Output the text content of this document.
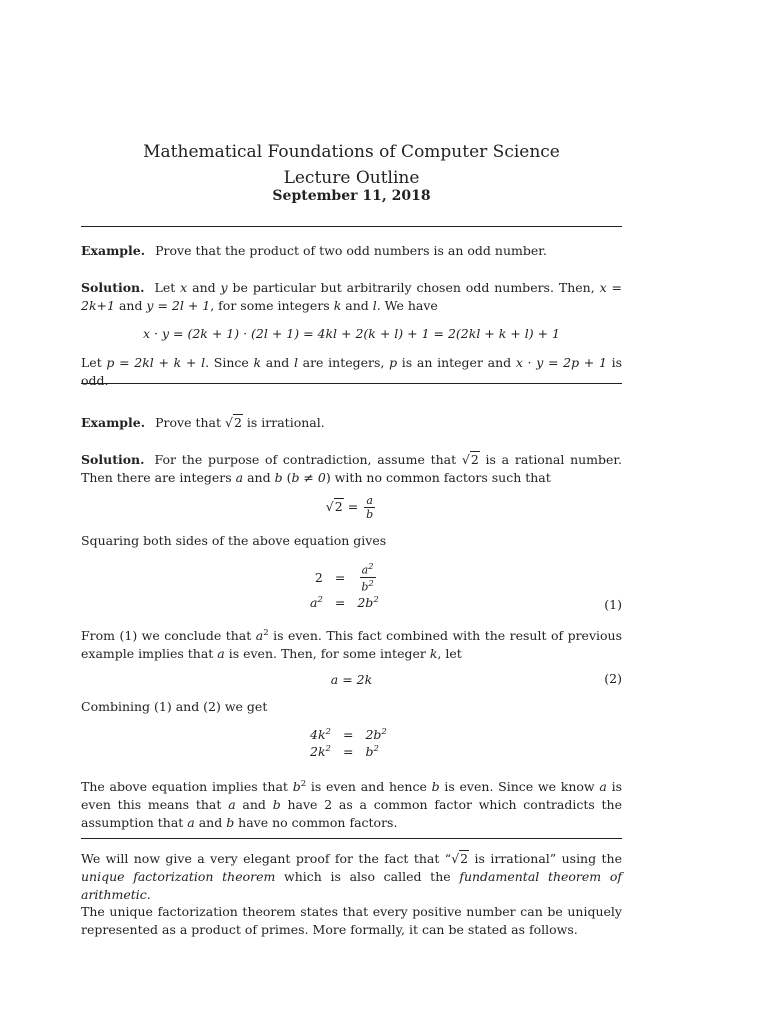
Mathematical Foundations of Computer Science
Lecture Outline
September 11, 2018
Example. Prove that the product of two odd numbers is an odd number.
Solution. Let x and y be particular but arbitrarily chosen odd numbers. Then, x = 2k+1 and y = 2l + 1, for some integers k and l. We have
x · y = (2k + 1) · (2l + 1) = 4kl + 2(k + l) + 1 = 2(2kl + k + l) + 1
Let p = 2kl + k + l. Since k and l are integers, p is an integer and x · y = 2p + 1 is odd.
Example. Prove that √2 is irrational.
Solution. For the purpose of contradiction, assume that √2 is a rational number. Then there are integers a and b (b ≠ 0) with no common factors such that
$√2 = \frac{a}{b}$
Squaring both sides of the above equation gives
2	=	$\frac{a^2}{b^2}$

$a^2$	=	$2b^2$	(1)
From (1) we conclude that $a^2$ is even. This fact combined with the result of previous example implies that a is even. Then, for some integer k, let
a = 2k	(2)
Combining (1) and (2) we get
$4k^2$	=	$2b^2$
$2k^2$	=	$b^2$
The above equation implies that $b^2$ is even and hence b is even. Since we know a is even this means that a and b have 2 as a common factor which contradicts the assumption that a and b have no common factors.
We will now give a very elegant proof for the fact that “√2 is irrational” using the unique factorization theorem which is also called the fundamental theorem of arithmetic.
The unique factorization theorem states that every positive number can be uniquely represented as a product of primes. More formally, it can be stated as follows.
